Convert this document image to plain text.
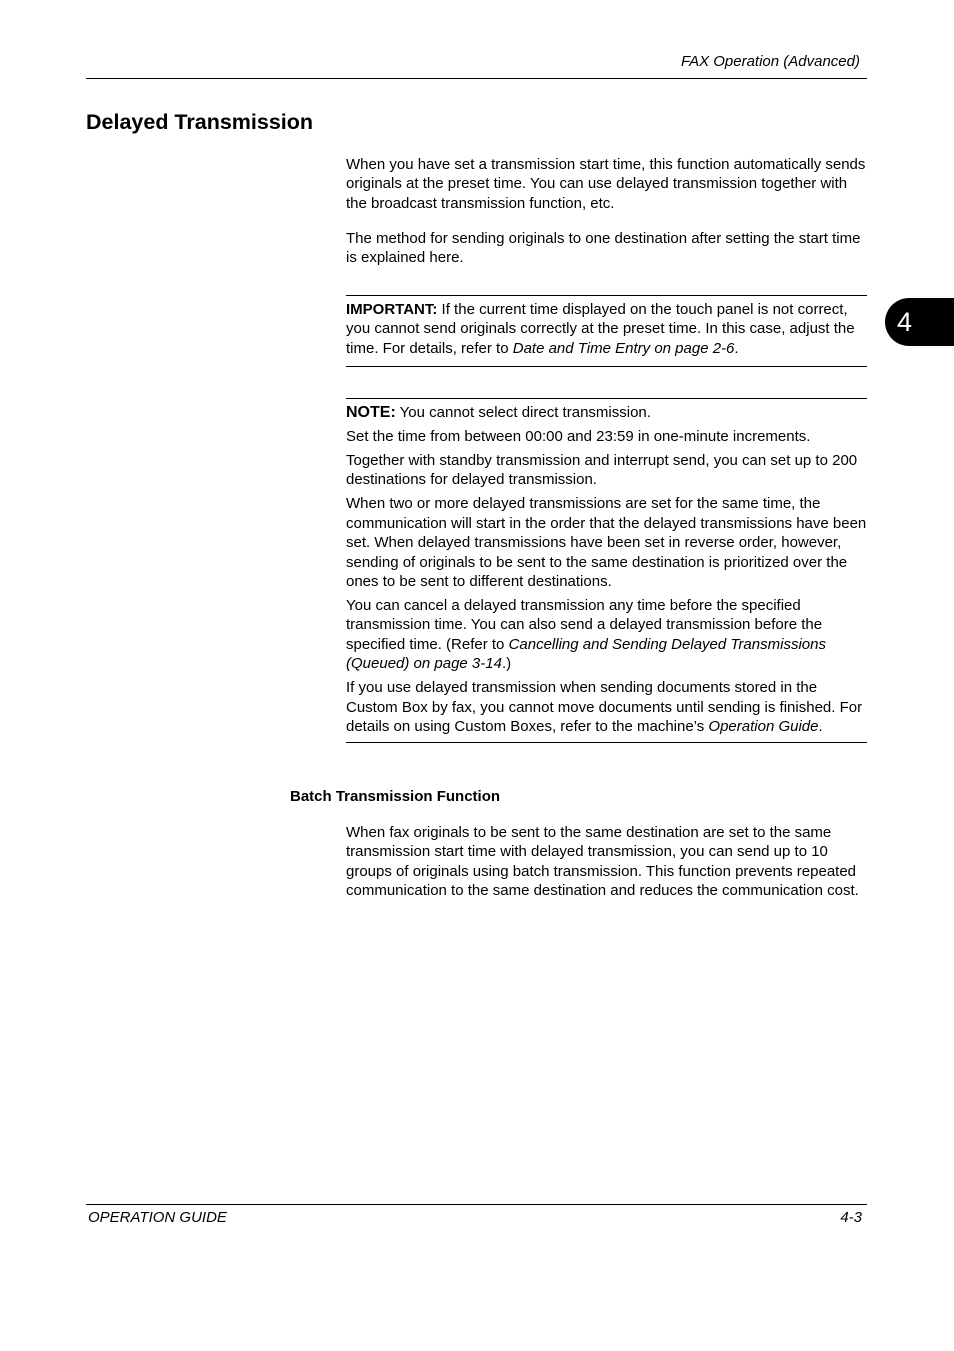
FAX Operation (Advanced)
Delayed Transmission
4

When you have set a transmission start time, this function automatically sends originals at the preset time. You can use delayed transmission together with the broadcast transmission function, etc.

The method for sending originals to one destination after setting the start time is explained here.

IMPORTANT: If the current time displayed on the touch panel is not correct, you cannot send originals correctly at the preset time. In this case, adjust the time. For details, refer to Date and Time Entry on page 2-6.

NOTE: You cannot select direct transmission.

Set the time from between 00:00 and 23:59 in one-minute increments.

Together with standby transmission and interrupt send, you can set up to 200 destinations for delayed transmission.

When two or more delayed transmissions are set for the same time, the communication will start in the order that the delayed transmissions have been set. When delayed transmissions have been set in reverse order, however, sending of originals to be sent to the same destination is prioritized over the ones to be sent to different destinations.

You can cancel a delayed transmission any time before the specified transmission time. You can also send a delayed transmission before the specified time. (Refer to Cancelling and Sending Delayed Transmissions (Queued) on page 3-14.)

If you use delayed transmission when sending documents stored in the Custom Box by fax, you cannot move documents until sending is finished. For details on using Custom Boxes, refer to the machine’s Operation Guide.

Batch Transmission Function

When fax originals to be sent to the same destination are set to the same transmission start time with delayed transmission, you can send up to 10 groups of originals using batch transmission. This function prevents repeated communication to the same destination and reduces the communication cost.

OPERATION GUIDE	4-3
